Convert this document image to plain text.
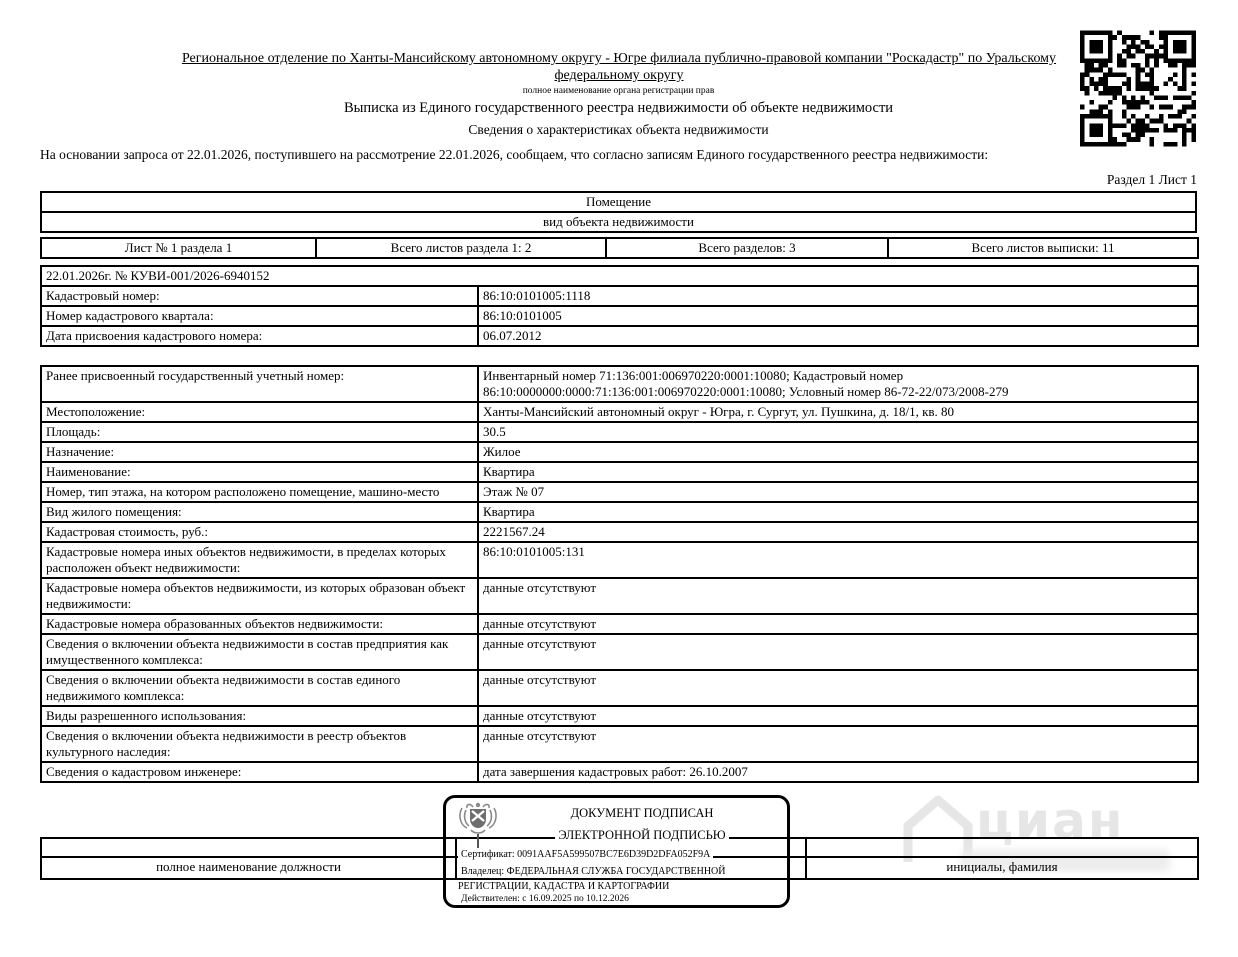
циан
Региональное отделение по Ханты-Мансийскому автономному округу - Югре филиала публично-правовой компании "Роскадастр" по Уральскому
федеральному округу
полное наименование органа регистрации прав
Выписка из Единого государственного реестра недвижимости об объекте недвижимости
Сведения о характеристиках объекта недвижимости
На основании запроса от 22.01.2026, поступившего на рассмотрение 22.01.2026, сообщаем, что согласно записям Единого государственного реестра недвижимости:
Раздел 1 Лист 1
Помещение
вид объекта недвижимости
Лист № 1 раздела 1	Всего листов раздела 1: 2	Всего разделов: 3	Всего листов выписки: 11
22.01.2026г. № КУВИ-001/2026-6940152	
Кадастровый номер:	86:10:0101005:1118
Номер кадастрового квартала:	86:10:0101005
Дата присвоения кадастрового номера:	06.07.2012
Ранее присвоенный государственный учетный номер:	Инвентарный номер 71:136:001:006970220:0001:10080; Кадастровый номер 86:10:0000000:0000:71:136:001:006970220:0001:10080; Условный номер 86-72-22/073/2008-279
Местоположение:	Ханты-Мансийский автономный округ - Югра, г. Сургут, ул. Пушкина, д. 18/1, кв. 80
Площадь:	30.5
Назначение:	Жилое
Наименование:	Квартира
Номер, тип этажа, на котором расположено помещение, машино-место	Этаж № 07
Вид жилого помещения:	Квартира
Кадастровая стоимость, руб.:	2221567.24
Кадастровые номера иных объектов недвижимости, в пределах которых расположен объект недвижимости:	86:10:0101005:131
Кадастровые номера объектов недвижимости, из которых образован объект недвижимости:	данные отсутствуют
Кадастровые номера образованных объектов недвижимости:	данные отсутствуют
Сведения о включении объекта недвижимости в состав предприятия как имущественного комплекса:	данные отсутствуют
Сведения о включении объекта недвижимости в состав единого недвижимого комплекса:	данные отсутствуют
Виды разрешенного использования:	данные отсутствуют
Сведения о включении объекта недвижимости в реестр объектов культурного наследия:	данные отсутствуют
Сведения о кадастровом инженере:	дата завершения кадастровых работ: 26.10.2007

полное наименование должности		инициалы, фамилия
ДОКУМЕНТ ПОДПИСАН
ЭЛЕКТРОННОЙ ПОДПИСЬЮ
Сертификат: 0091AAF5A599507BC7E6D39D2DFA052F9A
Владелец: ФЕДЕРАЛЬНАЯ СЛУЖБА ГОСУДАРСТВЕННОЙ РЕГИСТРАЦИИ, КАДАСТРА И КАРТОГРАФИИ
Действителен: с 16.09.2025 по 10.12.2026
